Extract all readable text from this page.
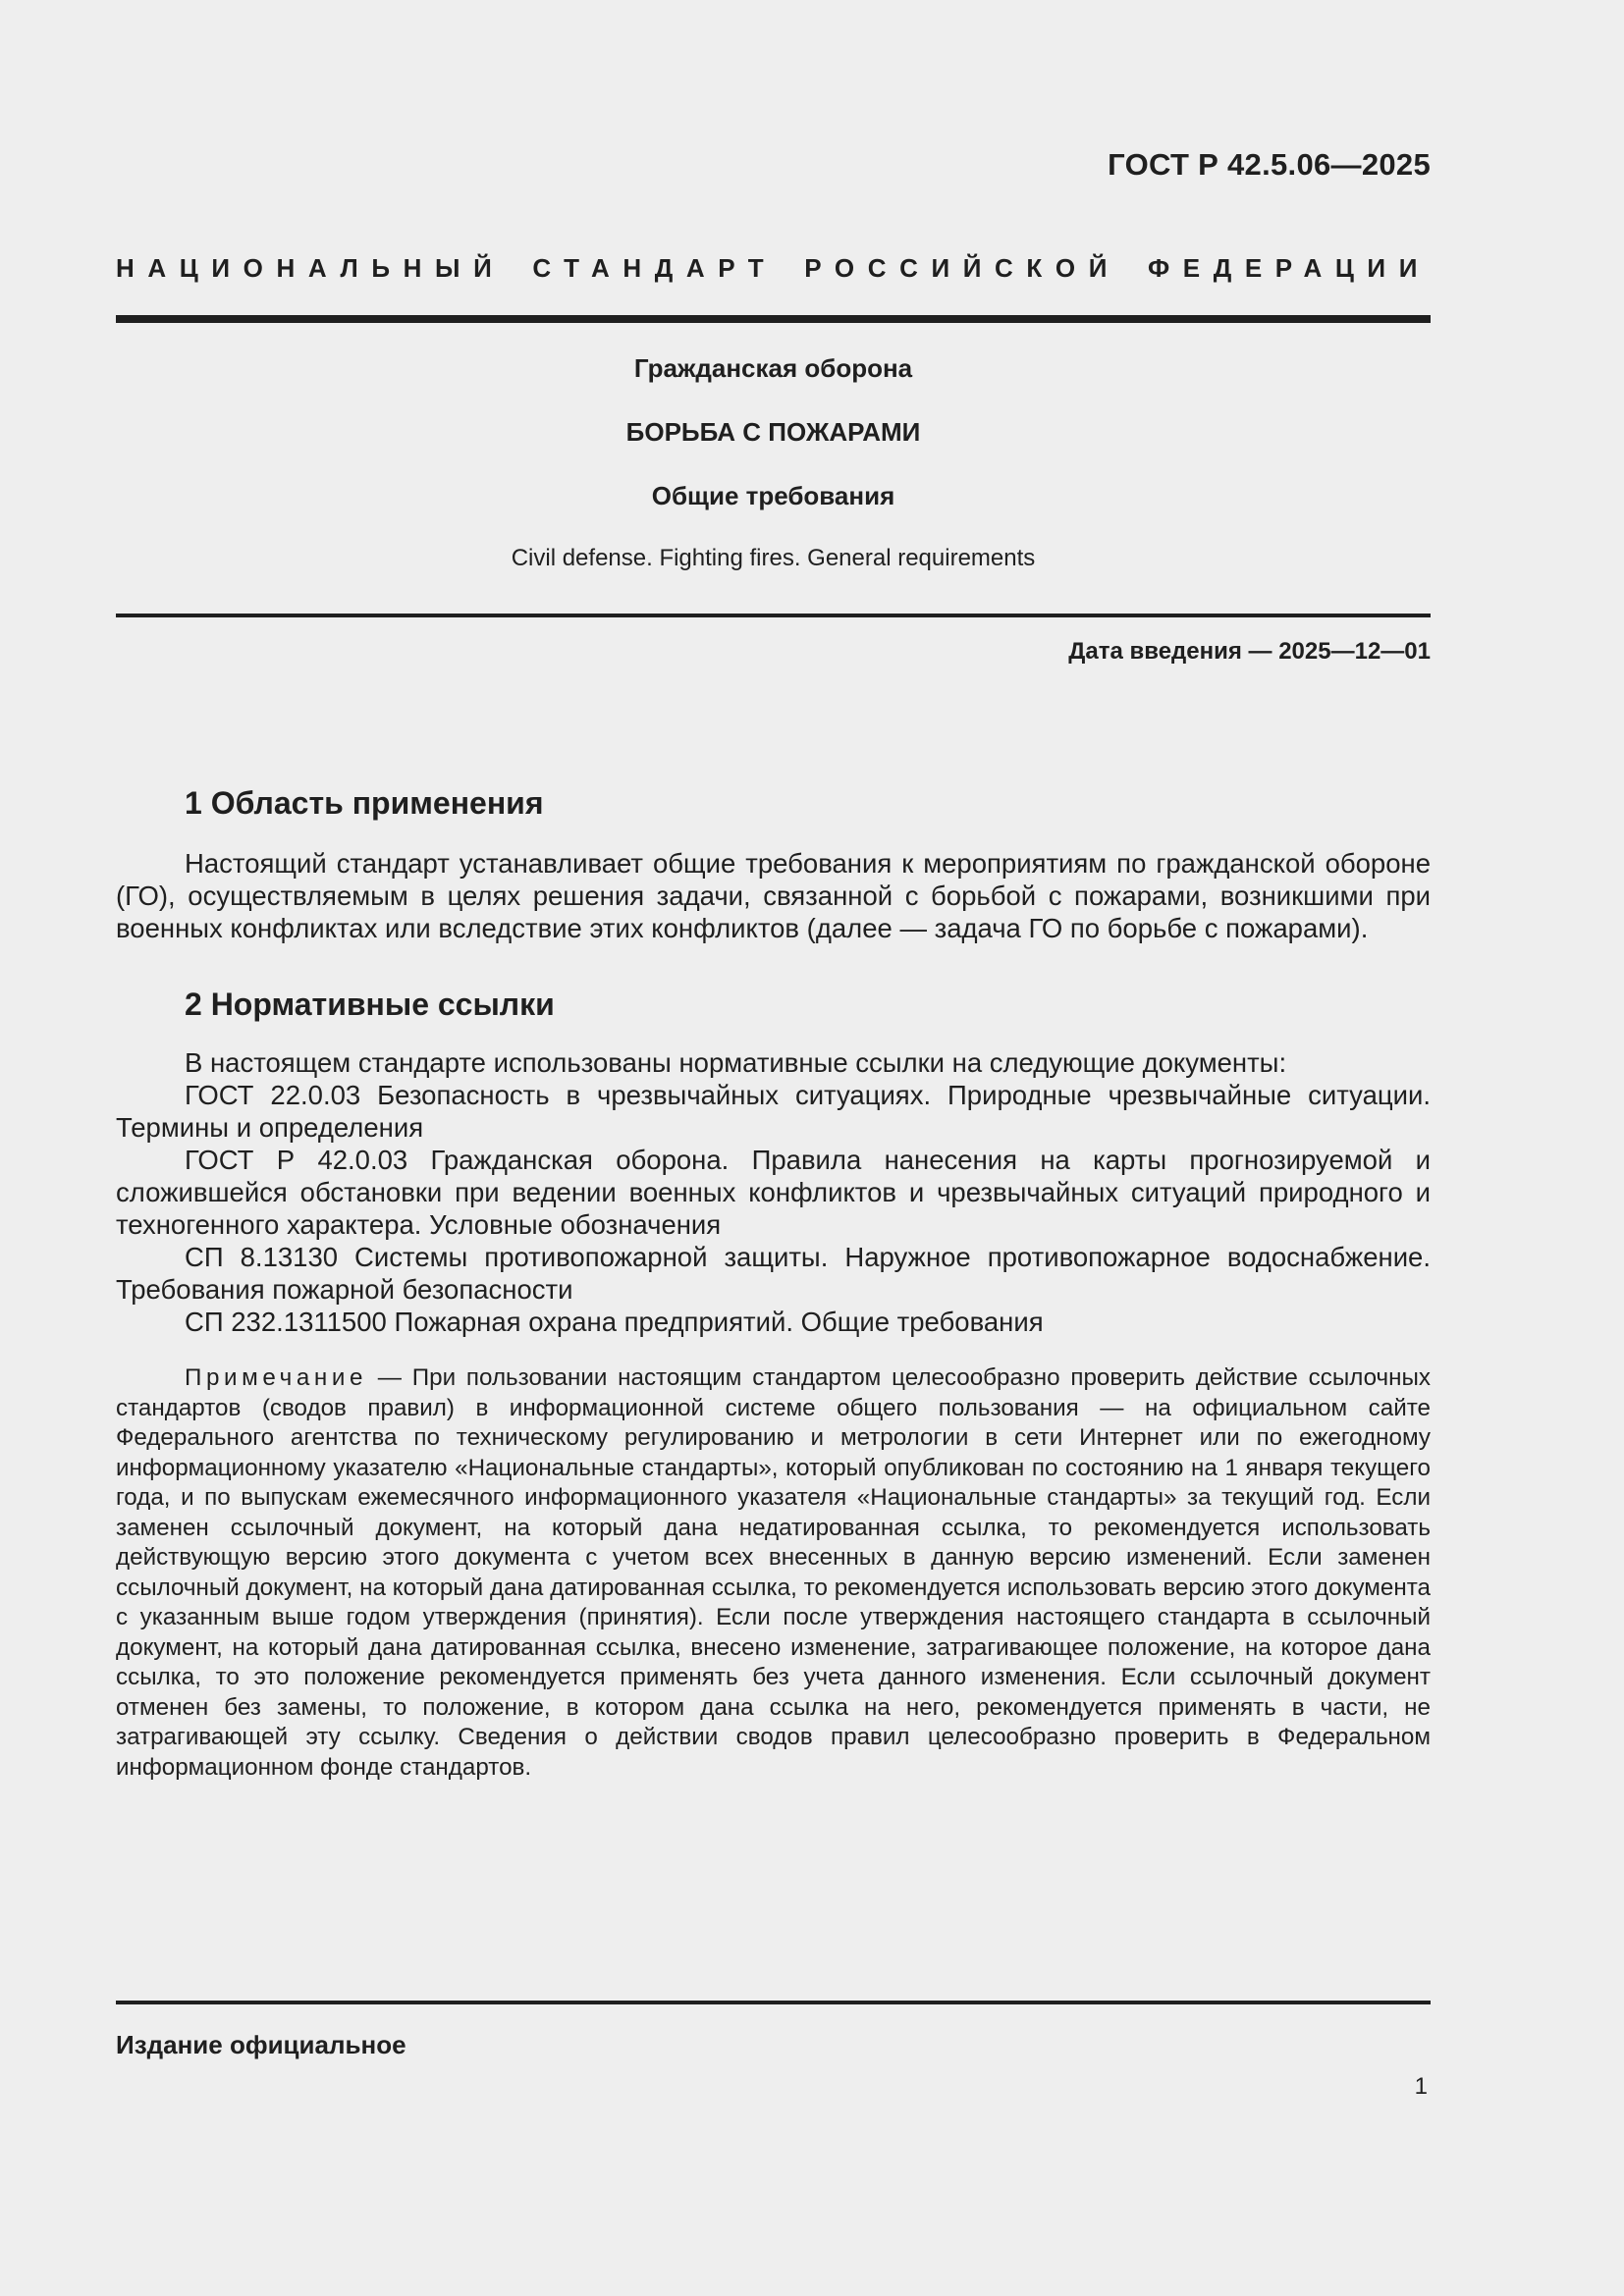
ГОСТ Р 42.5.06—2025
НАЦИОНАЛЬНЫЙ СТАНДАРТ РОССИЙСКОЙ ФЕДЕРАЦИИ
Гражданская оборона
БОРЬБА С ПОЖАРАМИ
Общие требования
Civil defense. Fighting fires. General requirements
Дата введения — 2025—12—01
1 Область применения

Настоящий стандарт устанавливает общие требования к мероприятиям по гражданской обороне (ГО), осуществляемым в целях решения задачи, связанной с борьбой с пожарами, возникшими при военных конфликтах или вследствие этих конфликтов (далее — задача ГО по борьбе с пожарами).

2 Нормативные ссылки

В настоящем стандарте использованы нормативные ссылки на следующие документы:

ГОСТ 22.0.03 Безопасность в чрезвычайных ситуациях. Природные чрезвычайные ситуации. Термины и определения

ГОСТ Р 42.0.03 Гражданская оборона. Правила нанесения на карты прогнозируемой и сложившейся обстановки при ведении военных конфликтов и чрезвычайных ситуаций природного и техногенного характера. Условные обозначения

СП 8.13130 Системы противопожарной защиты. Наружное противопожарное водоснабжение. Требования пожарной безопасности

СП 232.1311500 Пожарная охрана предприятий. Общие требования

Примечание — При пользовании настоящим стандартом целесообразно проверить действие ссылочных стандартов (сводов правил) в информационной системе общего пользования — на официальном сайте Федерального агентства по техническому регулированию и метрологии в сети Интернет или по ежегодному информационному указателю «Национальные стандарты», который опубликован по состоянию на 1 января текущего года, и по выпускам ежемесячного информационного указателя «Национальные стандарты» за текущий год. Если заменен ссылочный документ, на который дана недатированная ссылка, то рекомендуется использовать действующую версию этого документа с учетом всех внесенных в данную версию изменений. Если заменен ссылочный документ, на который дана датированная ссылка, то рекомендуется использовать версию этого документа с указанным выше годом утверждения (принятия). Если после утверждения настоящего стандарта в ссылочный документ, на который дана датированная ссылка, внесено изменение, затрагивающее положение, на которое дана ссылка, то это положение рекомендуется применять без учета данного изменения. Если ссылочный документ отменен без замены, то положение, в котором дана ссылка на него, рекомендуется применять в части, не затрагивающей эту ссылку. Сведения о действии сводов правил целесообразно проверить в Федеральном информационном фонде стандартов.
Издание официальное
1
